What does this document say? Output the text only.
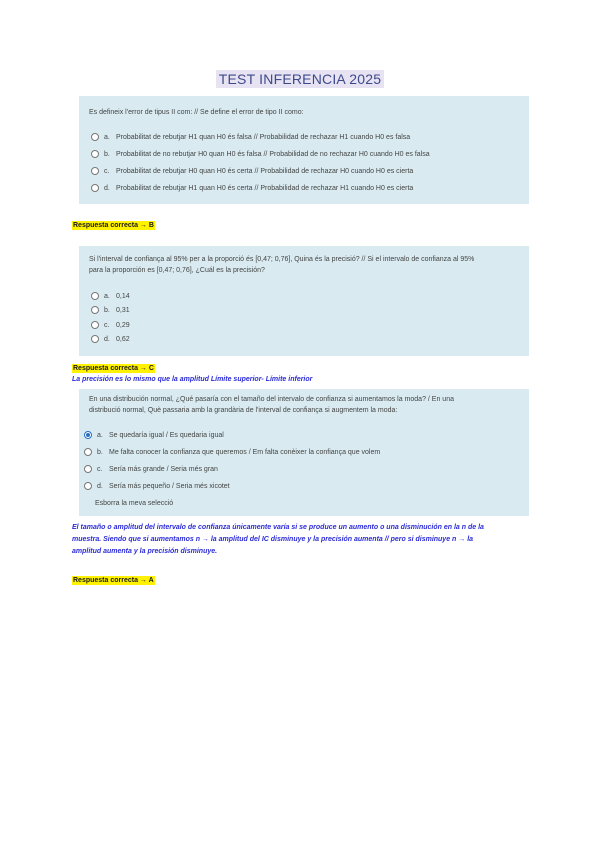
TEST INFERENCIA 2025
Es defineix l'error de tipus II com: // Se define el error de tipo II como:
a. Probabilitat de rebutjar H1 quan H0 és falsa // Probabilidad de rechazar H1 cuando H0 es falsa
b. Probabilitat de no rebutjar H0 quan H0 és falsa // Probabilidad de no rechazar H0 cuando H0 es falsa
c. Probabilitat de rebutjar H0 quan H0 és certa // Probabilidad de rechazar H0 cuando H0 es cierta
d. Probabilitat de rebutjar H1 quan H0 és certa // Probabilidad de rechazar H1 cuando H0 es cierta
Respuesta correcta → B
Si l'interval de confiança al 95% per a la proporció és [0,47; 0,76], Quina és la precisió? // Si el intervalo de confianza al 95%
para la proporción es [0,47; 0,76], ¿Cuál es la precisión?
a. 0,14
b. 0,31
c. 0,29
d. 0,62
Respuesta correcta → C
La precisión es lo mismo que la amplitud Límite superior- Límite inferior
En una distribución normal, ¿Qué pasaría con el tamaño del intervalo de confianza si aumentamos la moda? / En una
distribució normal, Què passaria amb la grandària de l'interval de confiança si augmentem la moda:
a. Se quedaría igual / Es quedaria igual
b. Me falta conocer la confianza que queremos / Em falta conèixer la confiança que volem
c. Sería más grande / Seria més gran
d. Sería más pequeño / Seria més xicotet
Esborra la meva selecció
El tamaño o amplitud del intervalo de confianza únicamente varía si se produce un aumento o una disminución en la n de la
muestra. Siendo que si aumentamos n → la amplitud del IC disminuye y la precisión aumenta // pero si disminuye n → la
amplitud aumenta y la precisión disminuye.
Respuesta correcta → A
